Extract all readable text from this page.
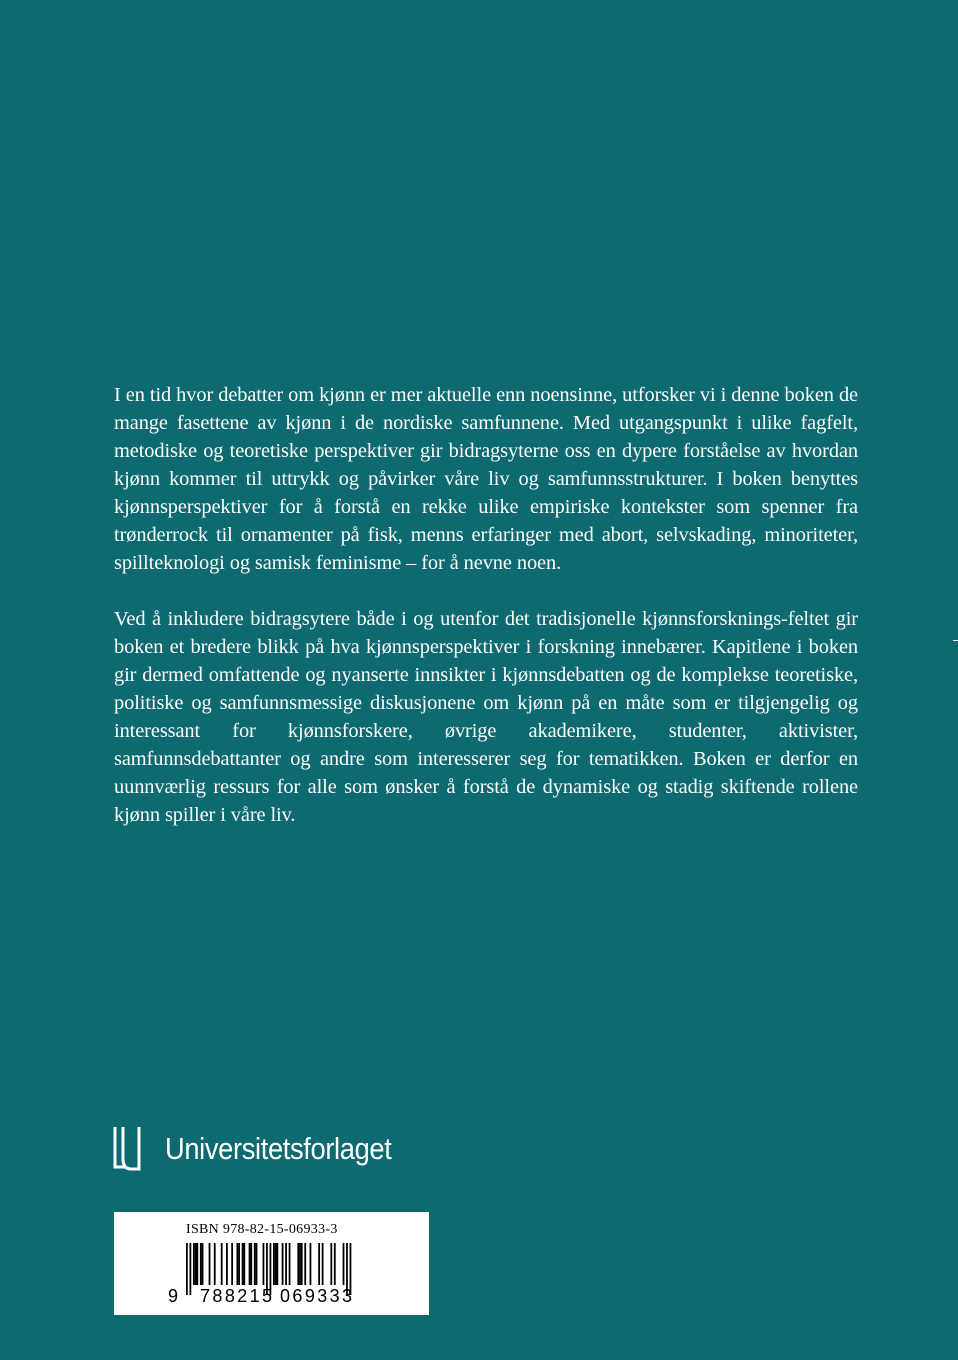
I en tid hvor debatter om kjønn er mer aktuelle enn noensinne, utforsker vi i denne boken de mange fasettene av kjønn i de nordiske samfunnene. Med utgangspunkt i ulike fagfelt, metodiske og teoretiske perspektiver gir bidragsyterne oss en dypere forståelse av hvordan kjønn kommer til uttrykk og påvirker våre liv og samfunnsstrukturer. I boken benyttes kjønnsperspektiver for å forstå en rekke ulike empiriske kontekster som spenner fra trønderrock til ornamenter på fisk, menns erfaringer med abort, selvskading, minoriteter, spillteknologi og samisk feminisme – for å nevne noen.

Ved å inkludere bidragsytere både i og utenfor det tradisjonelle kjønnsforsknings-feltet gir boken et bredere blikk på hva kjønnsperspektiver i forskning innebærer. Kapitlene i boken gir dermed omfattende og nyanserte innsikter i kjønnsdebatten og de komplekse teoretiske, politiske og samfunnsmessige diskusjonene om kjønn på en måte som er tilgjengelig og interessant for kjønnsforskere, øvrige akademikere, studenter, aktivister, samfunnsdebattanter og andre som interesserer seg for tematikken. Boken er derfor en uunnværlig ressurs for alle som ønsker å forstå de dynamiske og stadig skiftende rollene kjønn spiller i våre liv.

Universitetsforlaget
ISBN 978-82-15-06933-3
9 788215 069333
